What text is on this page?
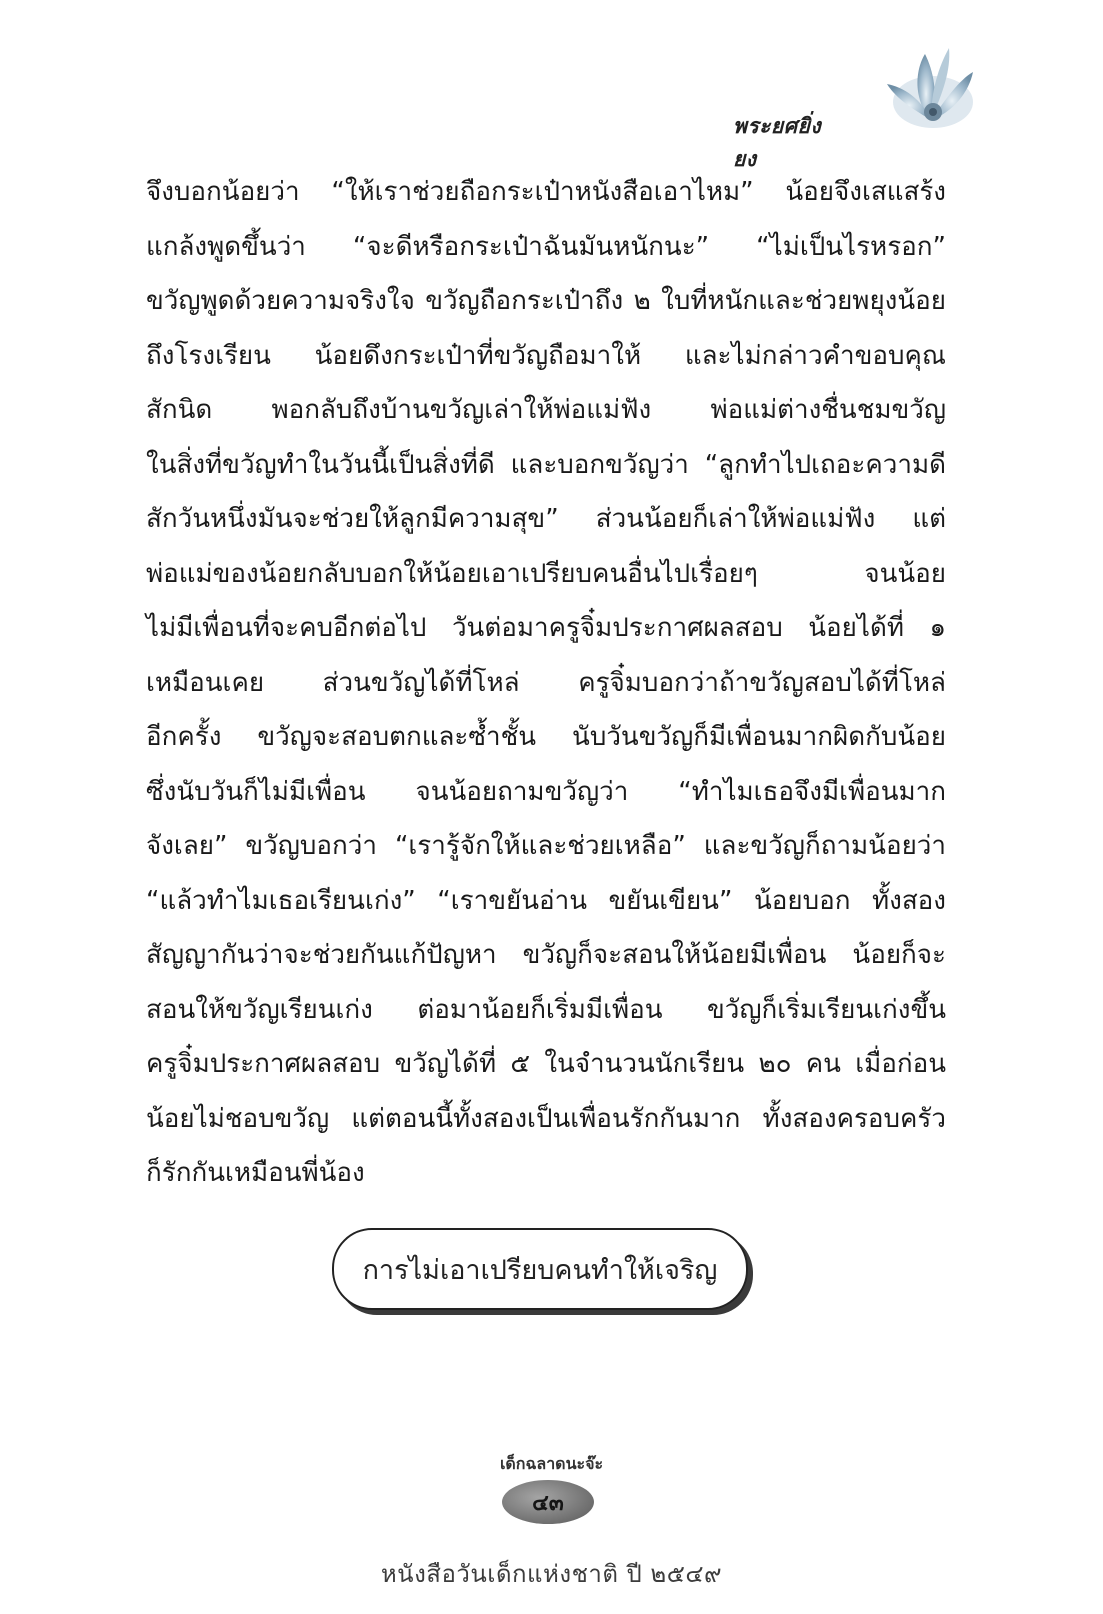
พระยศยิ่งยง
จึงบอกน้อยว่า “ให้เราช่วยถือกระเป๋าหนังสือเอาไหม” น้อยจึงเสแสร้ง
แกล้งพูดขึ้นว่า “จะดีหรือกระเป๋าฉันมันหนักนะ” “ไม่เป็นไรหรอก”
ขวัญพูดด้วยความจริงใจ ขวัญถือกระเป๋าถึง ๒ ใบที่หนักและช่วยพยุงน้อย
ถึงโรงเรียน น้อยดึงกระเป๋าที่ขวัญถือมาให้ และไม่กล่าวคำขอบคุณ
สักนิด พอกลับถึงบ้านขวัญเล่าให้พ่อแม่ฟัง พ่อแม่ต่างชื่นชมขวัญ
ในสิ่งที่ขวัญทำในวันนี้เป็นสิ่งที่ดี และบอกขวัญว่า “ลูกทำไปเถอะความดี
สักวันหนึ่งมันจะช่วยให้ลูกมีความสุข” ส่วนน้อยก็เล่าให้พ่อแม่ฟัง แต่
พ่อแม่ของน้อยกลับบอกให้น้อยเอาเปรียบคนอื่นไปเรื่อยๆ จนน้อย
ไม่มีเพื่อนที่จะคบอีกต่อไป วันต่อมาครูจิ๋มประกาศผลสอบ น้อยได้ที่ ๑
เหมือนเคย ส่วนขวัญได้ที่โหล่ ครูจิ๋มบอกว่าถ้าขวัญสอบได้ที่โหล่
อีกครั้ง ขวัญจะสอบตกและซ้ำชั้น นับวันขวัญก็มีเพื่อนมากผิดกับน้อย
ซึ่งนับวันก็ไม่มีเพื่อน จนน้อยถามขวัญว่า “ทำไมเธอจึงมีเพื่อนมาก
จังเลย” ขวัญบอกว่า “เรารู้จักให้และช่วยเหลือ” และขวัญก็ถามน้อยว่า
“แล้วทำไมเธอเรียนเก่ง” “เราขยันอ่าน ขยันเขียน” น้อยบอก ทั้งสอง
สัญญากันว่าจะช่วยกันแก้ปัญหา ขวัญก็จะสอนให้น้อยมีเพื่อน น้อยก็จะ
สอนให้ขวัญเรียนเก่ง ต่อมาน้อยก็เริ่มมีเพื่อน ขวัญก็เริ่มเรียนเก่งขึ้น
ครูจิ๋มประกาศผลสอบ ขวัญได้ที่ ๕ ในจำนวนนักเรียน ๒๐ คน เมื่อก่อน
น้อยไม่ชอบขวัญ แต่ตอนนี้ทั้งสองเป็นเพื่อนรักกันมาก ทั้งสองครอบครัว
ก็รักกันเหมือนพี่น้อง
การไม่เอาเปรียบคนทำให้เจริญ
เด็กฉลาดนะจ๊ะ
๔๓
หนังสือวันเด็กแห่งชาติ ปี ๒๕๔๙
